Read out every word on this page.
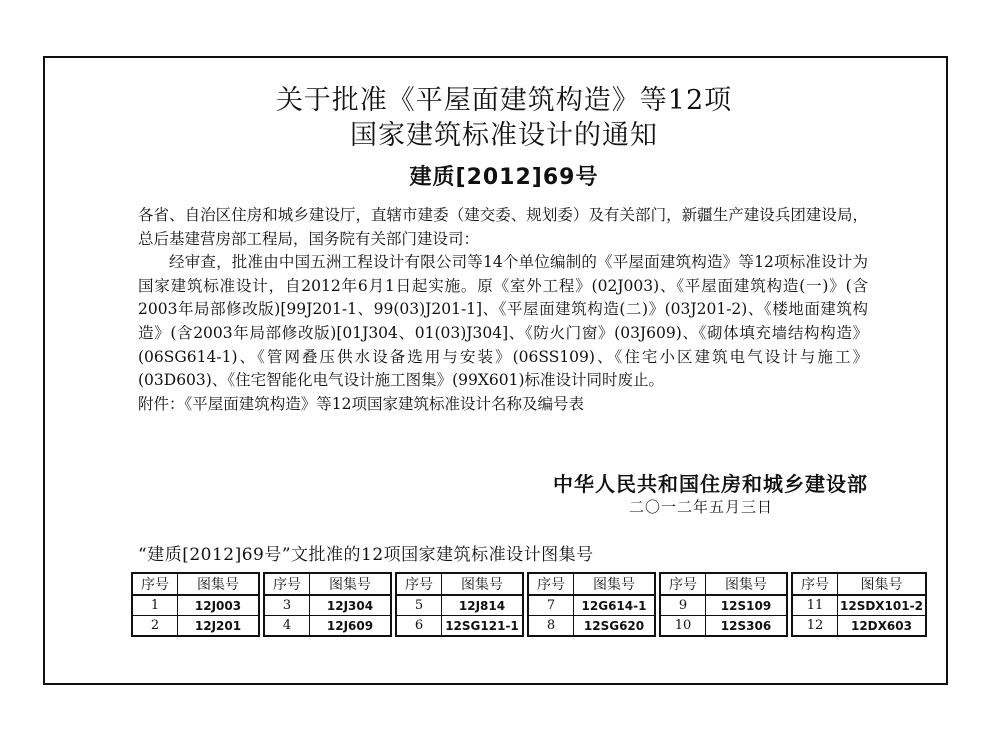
关于批准《平屋面建筑构造》等12项
国家建筑标准设计的通知
建质[2012]69号

各省、自治区住房和城乡建设厅，直辖市建委（建交委、规划委）及有关部门，新疆生产建设兵团建设局，总后基建营房部工程局，国务院有关部门建设司：

经审查，批准由中国五洲工程设计有限公司等14个单位编制的《平屋面建筑构造》等12项标准设计为国家建筑标准设计，自2012年6月1日起实施。原《室外工程》(02J003)、《平屋面建筑构造(一)》(含2003年局部修改版)[99J201-1、99(03)J201-1]、《平屋面建筑构造(二)》(03J201-2)、《楼地面建筑构造》(含2003年局部修改版)[01J304、01(03)J304]、《防火门窗》(03J609)、《砌体填充墙结构构造》(06SG614-1)、《管网叠压供水设备选用与安装》(06SS109)、《住宅小区建筑电气设计与施工》(03D603)、《住宅智能化电气设计施工图集》(99X601)标准设计同时废止。

附件：《平屋面建筑构造》等12项国家建筑标准设计名称及编号表

中华人民共和国住房和城乡建设部
二〇一二年五月三日
“建质[2012]69号”文批准的12项国家建筑标准设计图集号
序号	图集号
1	12J003
2	12J201
序号	图集号
3	12J304
4	12J609
序号	图集号
5	12J814
6	12SG121-1
序号	图集号
7	12G614-1
8	12SG620
序号	图集号
9	12S109
10	12S306
序号	图集号
11	12SDX101-2
12	12DX603
